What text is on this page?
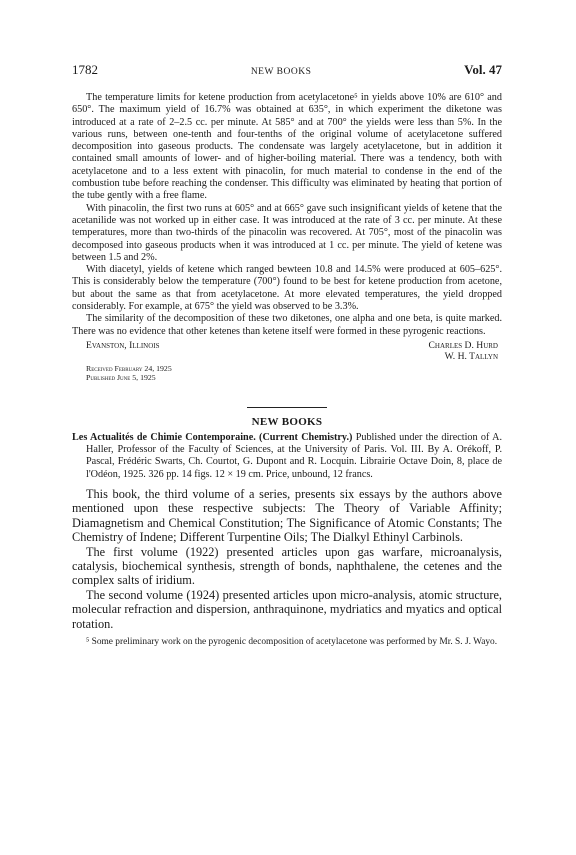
1782	NEW BOOKS	Vol. 47

The temperature limits for ketene production from acetylacetone⁵ in yields above 10% are 610° and 650°. The maximum yield of 16.7% was obtained at 635°, in which experiment the diketone was introduced at a rate of 2–2.5 cc. per minute. At 585° and at 700° the yields were less than 5%. In the various runs, between one-tenth and four-tenths of the original volume of acetylacetone suffered decomposition into gaseous products. The condensate was largely acetylacetone, but in addition it contained small amounts of lower- and of higher-boiling material. There was a tendency, both with acetylacetone and to a less extent with pinacolin, for much material to condense in the end of the combustion tube before reaching the condenser. This difficulty was eliminated by heating that portion of the tube gently with a free flame.

With pinacolin, the first two runs at 605° and at 665° gave such insignificant yields of ketene that the acetanilide was not worked up in either case. It was introduced at the rate of 3 cc. per minute. At these temperatures, more than two-thirds of the pinacolin was recovered. At 705°, most of the pinacolin was decomposed into gaseous products when it was introduced at 1 cc. per minute. The yield of ketene was between 1.5 and 2%.

With diacetyl, yields of ketene which ranged bewteen 10.8 and 14.5% were produced at 605–625°. This is considerably below the temperature (700°) found to be best for ketene production from acetone, but about the same as that from acetylacetone. At more elevated temperatures, the yield dropped considerably. For example, at 675° the yield was observed to be 3.3%.

The similarity of the decomposition of these two diketones, one alpha and one beta, is quite marked. There was no evidence that other ketenes than ketene itself were formed in these pyrogenic reactions.

Evanston, Illinois	Charles D. Hurd
W. H. Tallyn
Received February 24, 1925
Published June 5, 1925
NEW BOOKS
Les Actualités de Chimie Contemporaine. (Current Chemistry.) Published under the direction of A. Haller, Professor of the Faculty of Sciences, at the University of Paris. Vol. III. By A. Orékoff, P. Pascal, Frédéric Swarts, Ch. Courtot, G. Dupont and R. Locquin. Librairie Octave Doin, 8, place de l'Odéon, 1925. 326 pp. 14 figs. 12 × 19 cm. Price, unbound, 12 francs.

This book, the third volume of a series, presents six essays by the authors above mentioned upon these respective subjects: The Theory of Variable Affinity; Diamagnetism and Chemical Constitution; The Significance of Atomic Constants; The Chemistry of Indene; Different Turpentine Oils; The Dialkyl Ethinyl Carbinols.

The first volume (1922) presented articles upon gas warfare, microanalysis, catalysis, biochemical synthesis, strength of bonds, naphthalene, the cetenes and the complex salts of iridium.

The second volume (1924) presented articles upon micro-analysis, atomic structure, molecular refraction and dispersion, anthraquinone, mydriatics and myatics and optical rotation.

⁵ Some preliminary work on the pyrogenic decomposition of acetylacetone was performed by Mr. S. J. Wayo.
